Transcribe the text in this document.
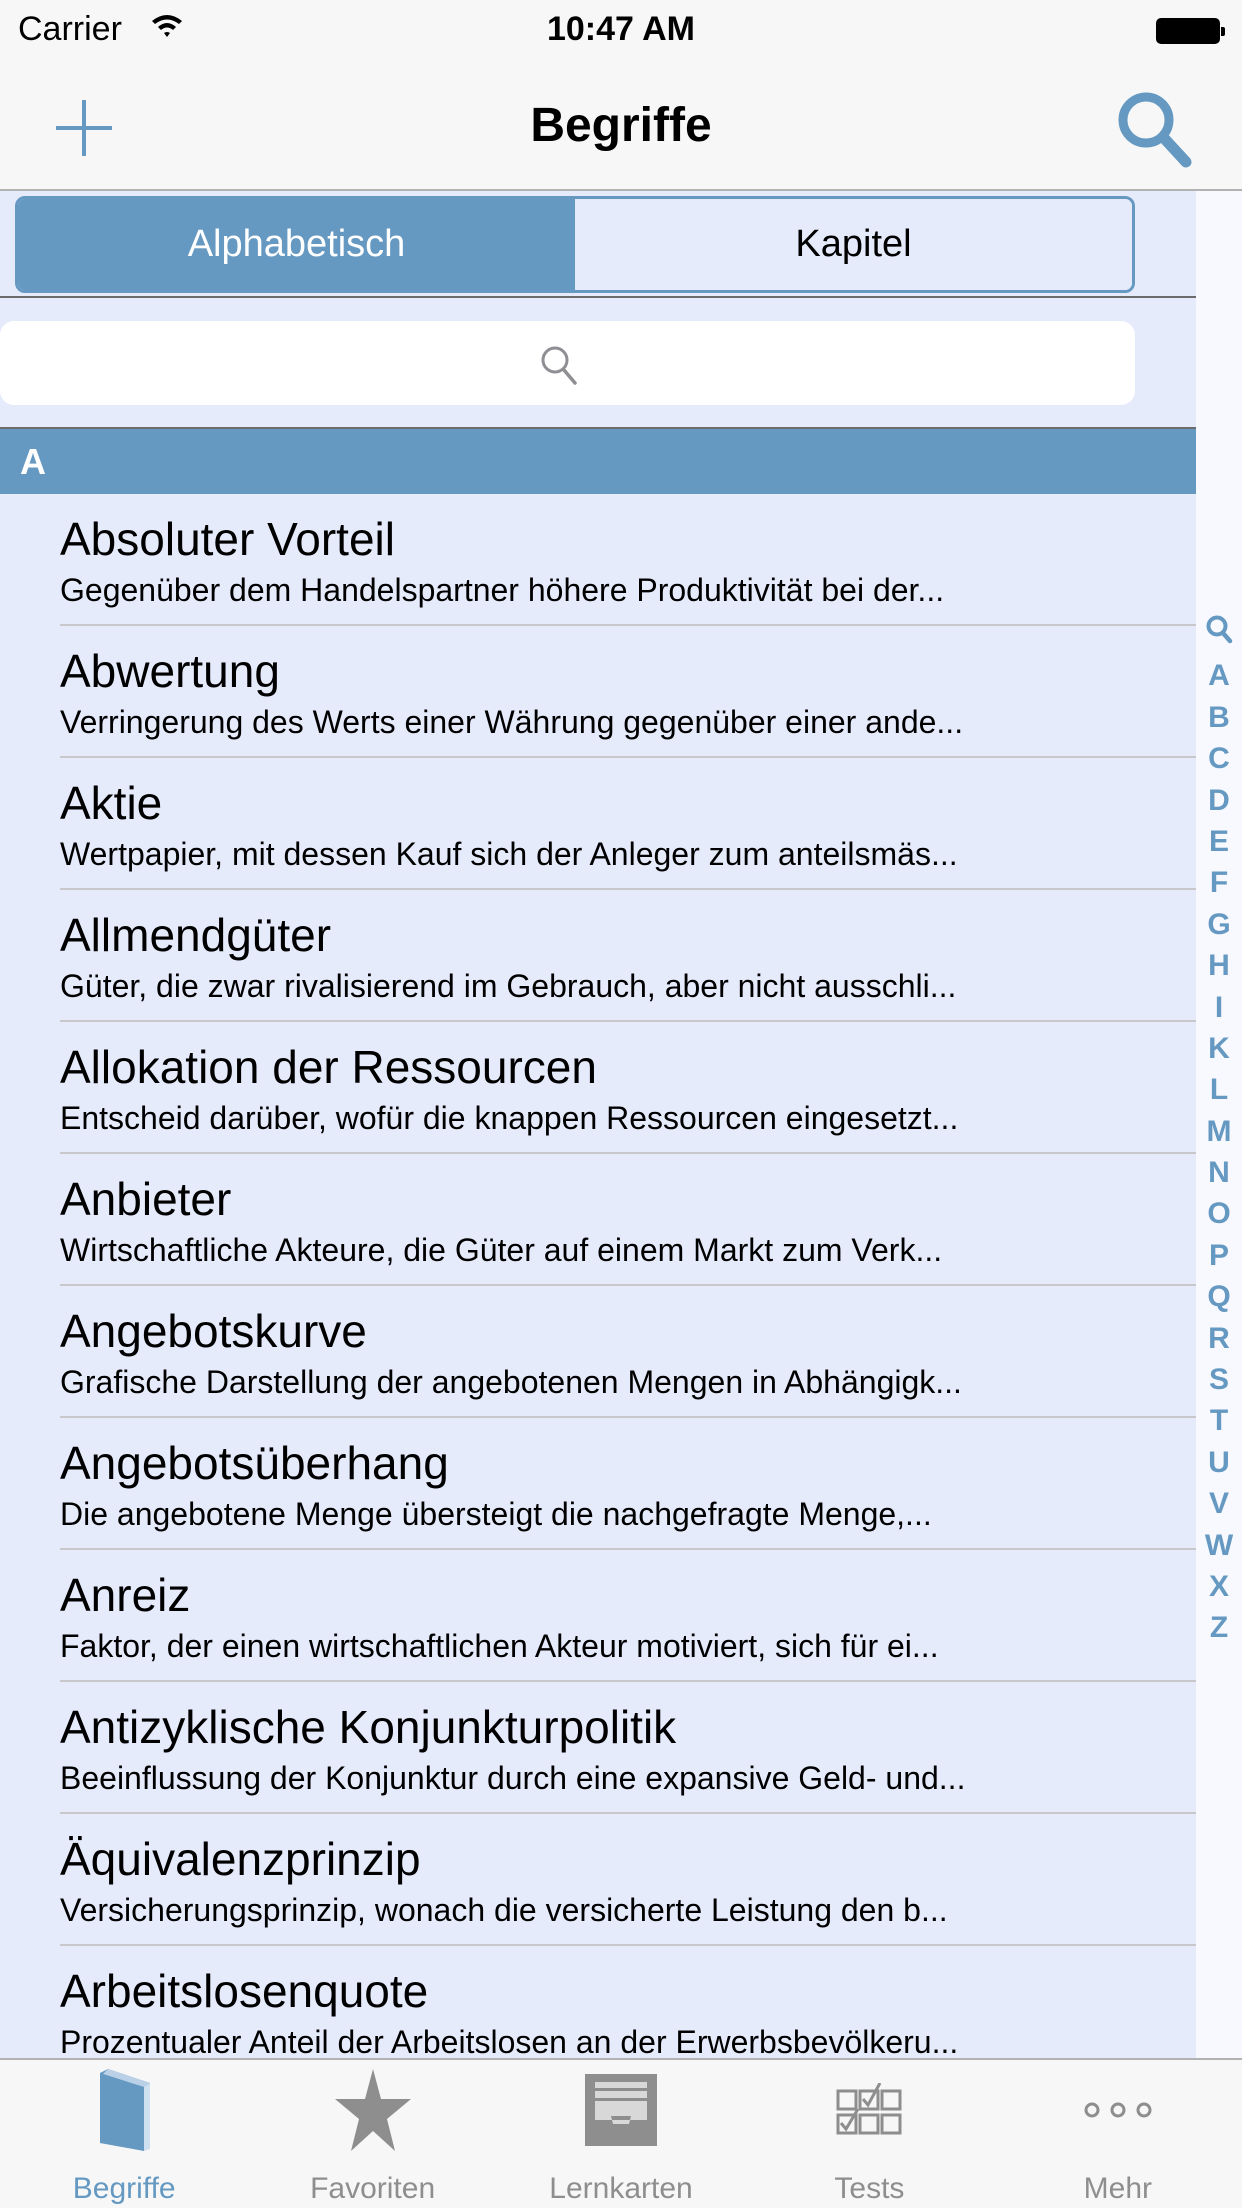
Carrier	10:47 AM
Begriffe
Alphabetisch	Kapitel
A
Absoluter Vorteil
Gegenüber dem Handelspartner höhere Produktivität bei der...
Abwertung
Verringerung des Werts einer Währung gegenüber einer ande...
Aktie
Wertpapier, mit dessen Kauf sich der Anleger zum anteilsmäs...
Allmendgüter
Güter, die zwar rivalisierend im Gebrauch, aber nicht ausschli...
Allokation der Ressourcen
Entscheid darüber, wofür die knappen Ressourcen eingesetzt...
Anbieter
Wirtschaftliche Akteure, die Güter auf einem Markt zum Verk...
Angebotskurve
Grafische Darstellung der angebotenen Mengen in Abhängigk...
Angebotsüberhang
Die angebotene Menge übersteigt die nachgefragte Menge,...
Anreiz
Faktor, der einen wirtschaftlichen Akteur motiviert, sich für ei...
Antizyklische Konjunkturpolitik
Beeinflussung der Konjunktur durch eine expansive Geld- und...
Äquivalenzprinzip
Versicherungsprinzip, wonach die versicherte Leistung den b...
Arbeitslosenquote
Prozentualer Anteil der Arbeitslosen an der Erwerbsbevölkeru...
A
B
C
D
E
F
G
H
I
K
L
M
N
O
P
Q
R
S
T
U
V
W
X
Z
Begriffe	Favoriten	Lernkarten	Tests	Mehr
